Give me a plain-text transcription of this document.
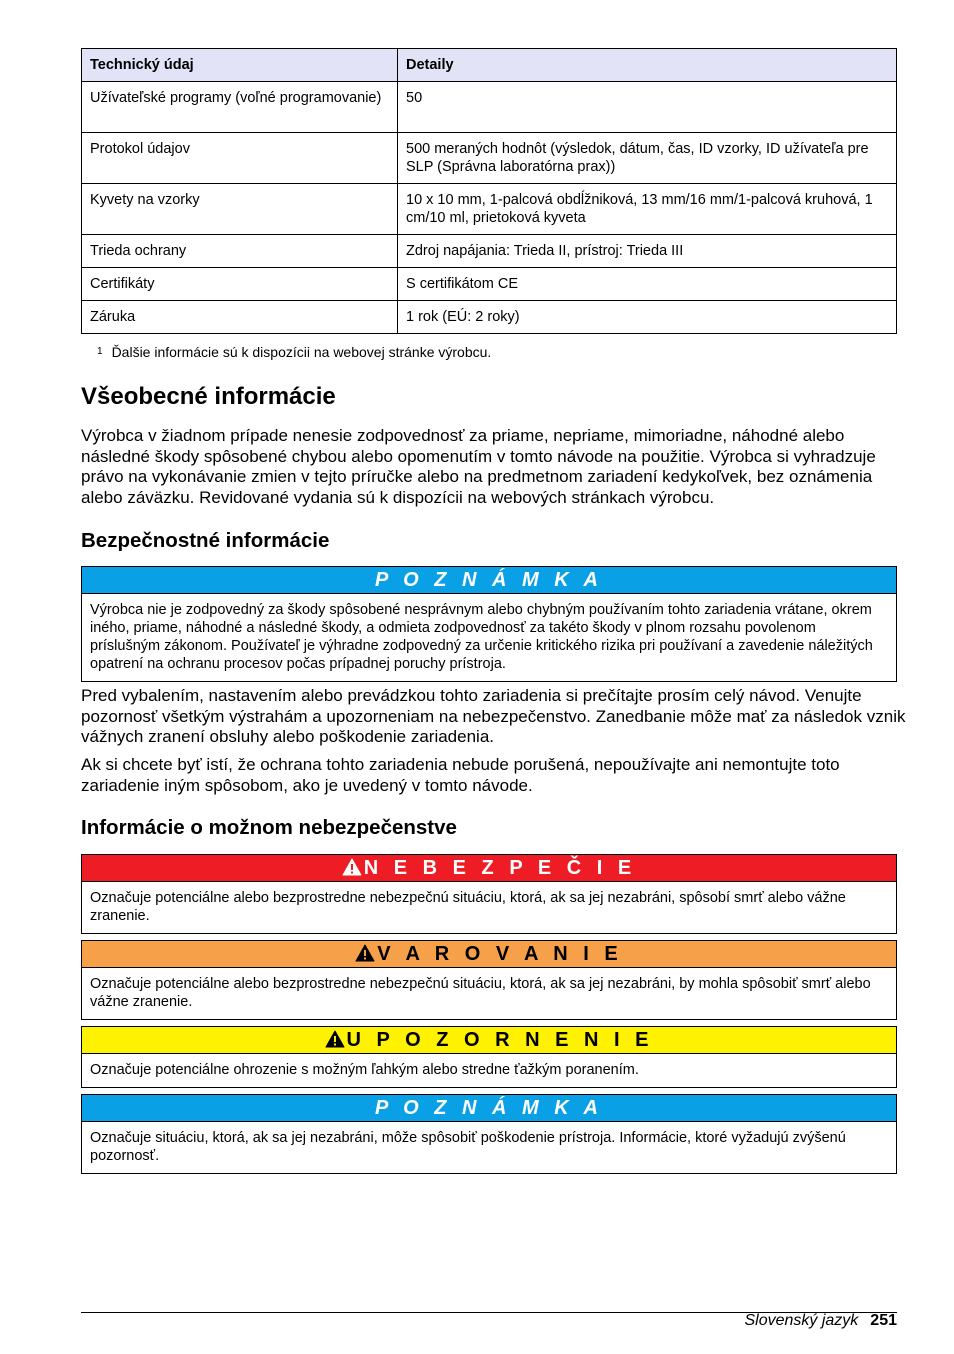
Technický údaj	Detaily
Užívateľské programy (voľné programovanie)	50
Protokol údajov	500 meraných hodnôt (výsledok, dátum, čas, ID vzorky, ID užívateľa pre SLP (Správna laboratórna prax))
Kyvety na vzorky	10 x 10 mm, 1-palcová obdĺžniková, 13 mm/16 mm/1-palcová kruhová, 1 cm/10 ml, prietoková kyveta
Trieda ochrany	Zdroj napájania: Trieda II, prístroj: Trieda III
Certifikáty	S certifikátom CE
Záruka	1 rok (EÚ: 2 roky)
$^1$ Ďalšie informácie sú k dispozícii na webovej stránke výrobcu.
Všeobecné informácie

Výrobca v žiadnom prípade nenesie zodpovednosť za priame, nepriame, mimoriadne, náhodné alebo následné škody spôsobené chybou alebo opomenutím v tomto návode na použitie. Výrobca si vyhradzuje právo na vykonávanie zmien v tejto príručke alebo na predmetnom zariadení kedykoľvek, bez oznámenia alebo záväzku. Revidované vydania sú k dispozícii na webových stránkach výrobcu.

Bezpečnostné informácie
P O Z N Á M K A
Výrobca nie je zodpovedný za škody spôsobené nesprávnym alebo chybným používaním tohto zariadenia vrátane, okrem iného, priame, náhodné a následné škody, a odmieta zodpovednosť za takéto škody v plnom rozsahu povolenom príslušným zákonom. Používateľ je výhradne zodpovedný za určenie kritického rizika pri používaní a zavedenie náležitých opatrení na ochranu procesov počas prípadnej poruchy prístroja.

Pred vybalením, nastavením alebo prevádzkou tohto zariadenia si prečítajte prosím celý návod. Venujte pozornosť všetkým výstrahám a upozorneniam na nebezpečenstvo. Zanedbanie môže mať za následok vznik vážnych zranení obsluhy alebo poškodenie zariadenia.

Ak si chcete byť istí, že ochrana tohto zariadenia nebude porušená, nepoužívajte ani nemontujte toto zariadenie iným spôsobom, ako je uvedený v tomto návode.

Informácie o možnom nebezpečenstve
N E B E Z P E Č I E
Označuje potenciálne alebo bezprostredne nebezpečnú situáciu, ktorá, ak sa jej nezabráni, spôsobí smrť alebo vážne zranenie.
V A R O V A N I E
Označuje potenciálne alebo bezprostredne nebezpečnú situáciu, ktorá, ak sa jej nezabráni, by mohla spôsobiť smrť alebo vážne zranenie.
U P O Z O R N E N I E
Označuje potenciálne ohrozenie s možným ľahkým alebo stredne ťažkým poranením.
P O Z N Á M K A
Označuje situáciu, ktorá, ak sa jej nezabráni, môže spôsobiť poškodenie prístroja. Informácie, ktoré vyžadujú zvýšenú pozornosť.
Slovenský jazyk 251
